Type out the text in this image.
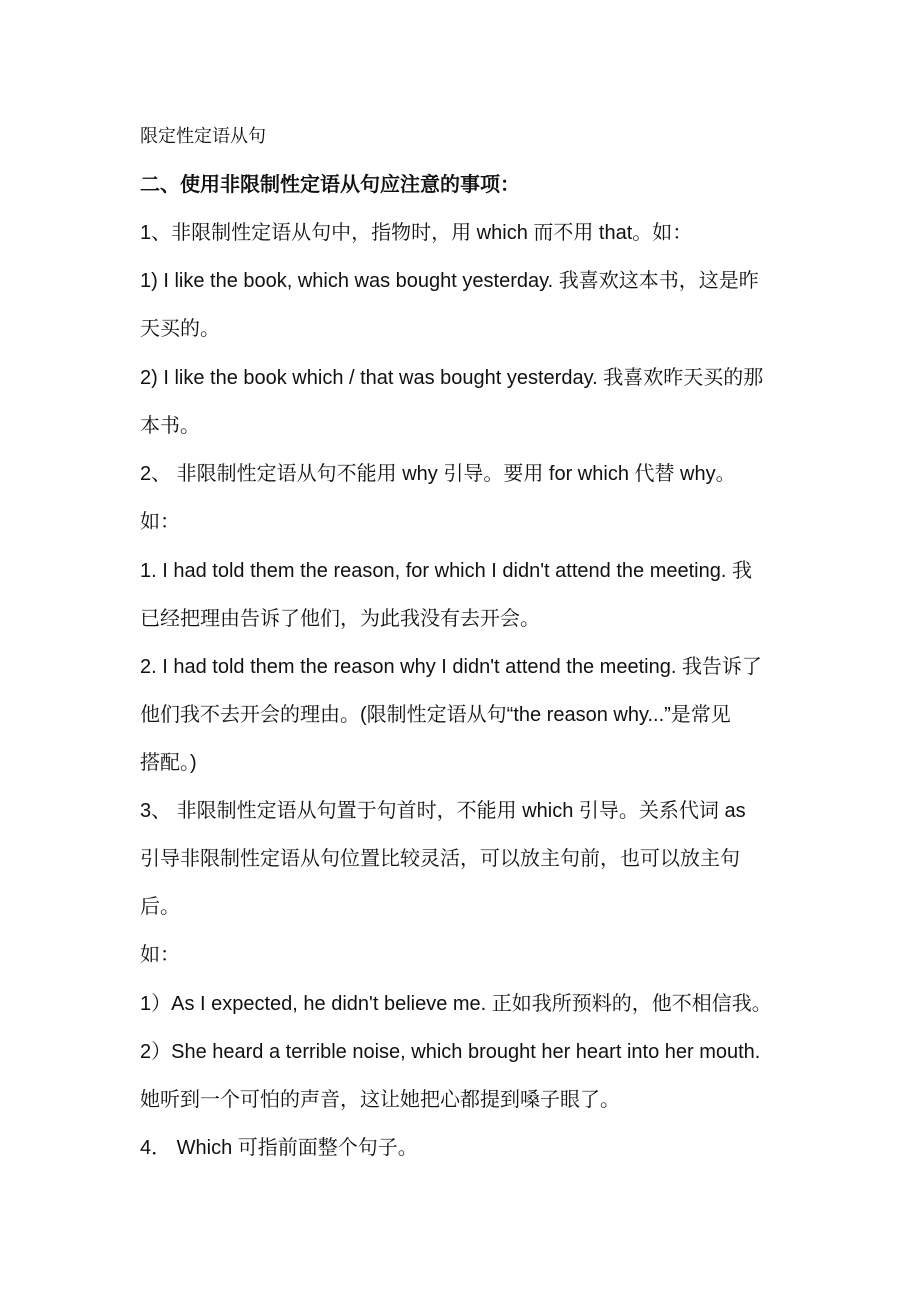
限定性定语从句
二、使用非限制性定语从句应注意的事项：
1、非限制性定语从句中，指物时，用 which 而不用 that。如：
1) I like the book, which was bought yesterday. 我喜欢这本书，这是昨
天买的。
2) I like the book which / that was bought yesterday. 我喜欢昨天买的那
本书。
2、 非限制性定语从句不能用 why 引导。要用 for which 代替 why。
如：
1. I had told them the reason, for which I didn't attend the meeting. 我
已经把理由告诉了他们，为此我没有去开会。
2. I had told them the reason why I didn't attend the meeting. 我告诉了
他们我不去开会的理由。(限制性定语从句“the reason why...”是常见
搭配。)
3、 非限制性定语从句置于句首时，不能用 which 引导。关系代词 as
引导非限制性定语从句位置比较灵活，可以放主句前，也可以放主句
后。
如：
1）As I expected, he didn't believe me. 正如我所预料的，他不相信我。
2）She heard a terrible noise, which brought her heart into her mouth.
她听到一个可怕的声音，这让她把心都提到嗓子眼了。
4． Which 可指前面整个句子。
